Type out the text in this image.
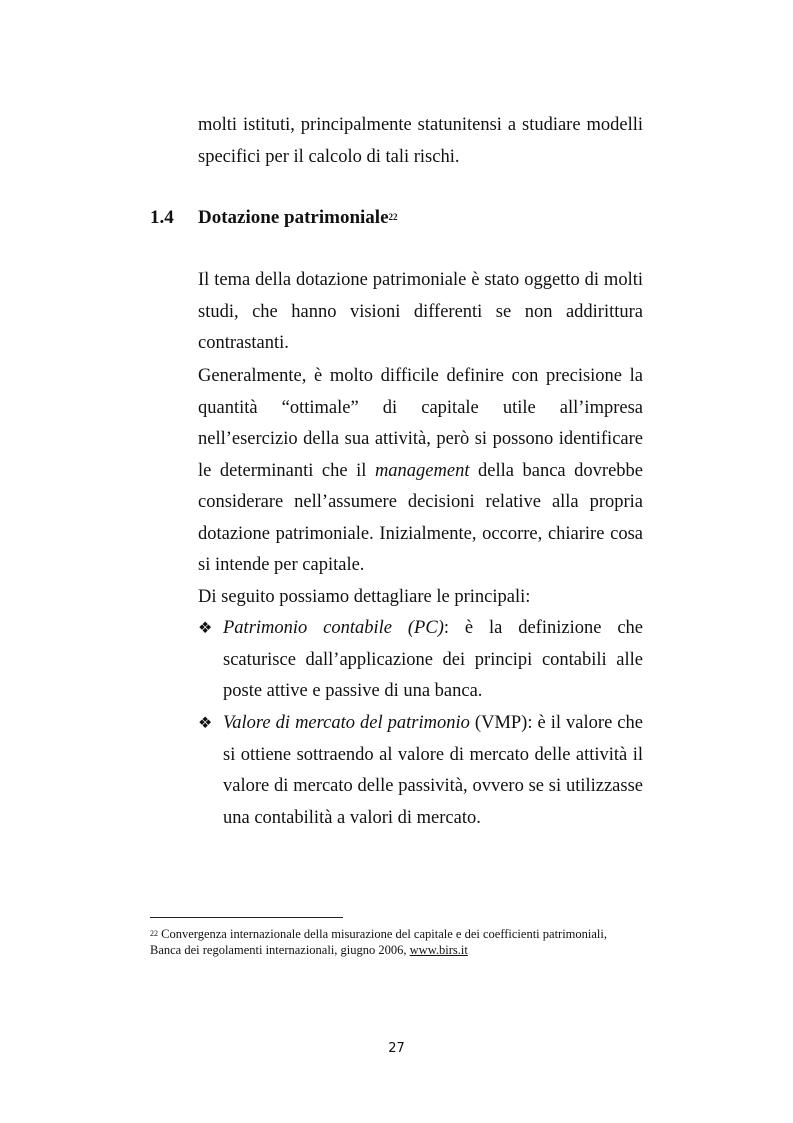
molti istituti, principalmente statunitensi a studiare modelli specifici per il calcolo di tali rischi.

1.4 Dotazione patrimoniale$^{22}$

Il tema della dotazione patrimoniale è stato oggetto di molti studi, che hanno visioni differenti se non addirittura contrastanti.

Generalmente, è molto difficile definire con precisione la quantità “ottimale” di capitale utile all’impresa nell’esercizio della sua attività, però si possono identificare le determinanti che il management della banca dovrebbe considerare nell’assumere decisioni relative alla propria dotazione patrimoniale. Inizialmente, occorre, chiarire cosa si intende per capitale.

Di seguito possiamo dettagliare le principali:

❖ Patrimonio contabile (PC): è la definizione che scaturisce dall’applicazione dei principi contabili alle poste attive e passive di una banca.
❖ Valore di mercato del patrimonio (VMP): è il valore che si ottiene sottraendo al valore di mercato delle attività il valore di mercato delle passività, ovvero se si utilizzasse una contabilità a valori di mercato.

$^{22}$ Convergenza internazionale della misurazione del capitale e dei coefficienti patrimoniali, Banca dei regolamenti internazionali, giugno 2006, www.birs.it

27
